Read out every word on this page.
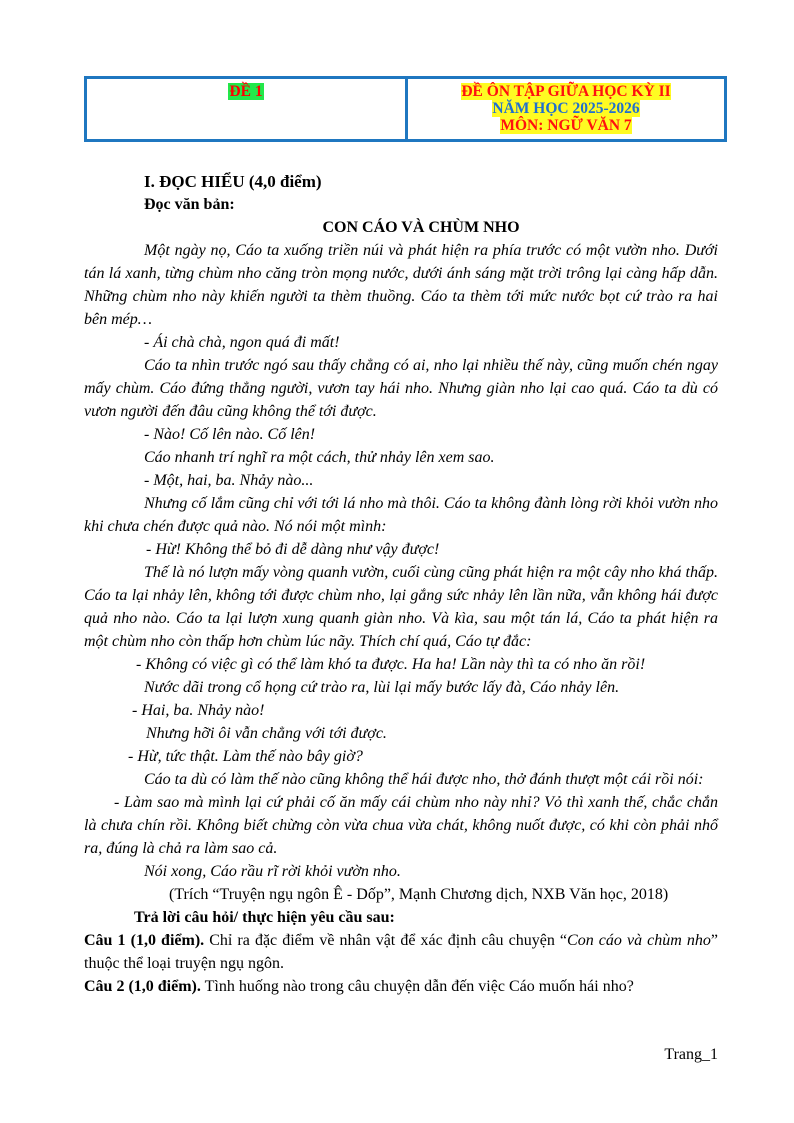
ĐỀ 1	ĐỀ ÔN TẬP GIỮA HỌC KỲ II
NĂM HỌC 2025-2026
MÔN: NGỮ VĂN 7
I. ĐỌC HIỂU (4,0 điểm)
Đọc văn bản:
CON CÁO VÀ CHÙM NHO

Một ngày nọ, Cáo ta xuống triền núi và phát hiện ra phía trước có một vườn nho. Dưới tán lá xanh, từng chùm nho căng tròn mọng nước, dưới ánh sáng mặt trời trông lại càng hấp dẫn. Những chùm nho này khiến người ta thèm thuồng. Cáo ta thèm tới mức nước bọt cứ trào ra hai bên mép…

- Ái chà chà, ngon quá đi mất!

Cáo ta nhìn trước ngó sau thấy chẳng có ai, nho lại nhiều thế này, cũng muốn chén ngay mấy chùm. Cáo đứng thẳng người, vươn tay hái nho. Nhưng giàn nho lại cao quá. Cáo ta dù có vươn người đến đâu cũng không thể tới được.

- Nào! Cố lên nào. Cố lên!

Cáo nhanh trí nghĩ ra một cách, thử nhảy lên xem sao.

- Một, hai, ba. Nhảy nào...

Nhưng cố lắm cũng chỉ với tới lá nho mà thôi. Cáo ta không đành lòng rời khỏi vườn nho khi chưa chén được quả nào. Nó nói một mình:

- Hừ! Không thể bỏ đi dễ dàng như vậy được!

Thế là nó lượn mấy vòng quanh vườn, cuối cùng cũng phát hiện ra một cây nho khá thấp. Cáo ta lại nhảy lên, không tới được chùm nho, lại gắng sức nhảy lên lần nữa, vẫn không hái được quả nho nào. Cáo ta lại lượn xung quanh giàn nho. Và kìa, sau một tán lá, Cáo ta phát hiện ra một chùm nho còn thấp hơn chùm lúc nãy. Thích chí quá, Cáo tự đắc:

- Không có việc gì có thể làm khó ta được. Ha ha! Lần này thì ta có nho ăn rồi!

Nước dãi trong cổ họng cứ trào ra, lùi lại mấy bước lấy đà, Cáo nhảy lên.

- Hai, ba. Nhảy nào!

Nhưng hỡi ôi vẫn chẳng với tới được.

- Hừ, tức thật. Làm thế nào bây giờ?

Cáo ta dù có làm thế nào cũng không thể hái được nho, thở đánh thượt một cái rồi nói:

- Làm sao mà mình lại cứ phải cố ăn mấy cái chùm nho này nhỉ? Vỏ thì xanh thế, chắc chắn là chưa chín rồi. Không biết chừng còn vừa chua vừa chát, không nuốt được, có khi còn phải nhổ ra, đúng là chả ra làm sao cả.

Nói xong, Cáo rầu rĩ rời khỏi vườn nho.

(Trích “Truyện ngụ ngôn Ê - Dốp”, Mạnh Chương dịch, NXB Văn học, 2018)
Trả lời câu hỏi/ thực hiện yêu cầu sau:

Câu 1 (1,0 điểm). Chỉ ra đặc điểm về nhân vật để xác định câu chuyện “Con cáo và chùm nho” thuộc thể loại truyện ngụ ngôn.

Câu 2 (1,0 điểm). Tình huống nào trong câu chuyện dẫn đến việc Cáo muốn hái nho?

Trang_1
